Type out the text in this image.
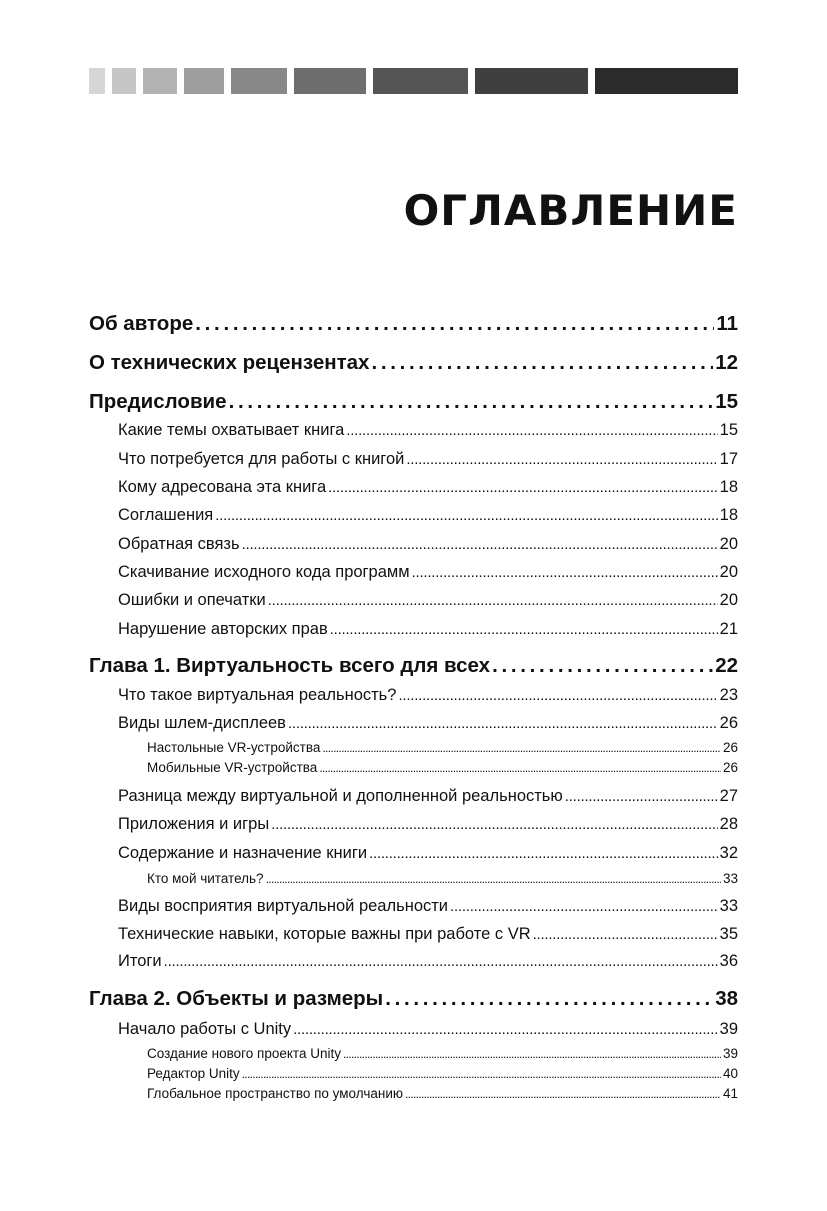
ОГЛАВЛЕНИЕ
Об авторе . . .	11
О технических рецензентах . . .	12
Предисловие . . .	15
Какие темы охватывает книга . . .	15
Что потребуется для работы с книгой . . .	17
Кому адресована эта книга . . .	18
Соглашения . . .	18
Обратная связь . . .	20
Скачивание исходного кода программ . . .	20
Ошибки и опечатки . . .	20
Нарушение авторских прав . . .	21
Глава 1. Виртуальность всего для всех . . .	22
Что такое виртуальная реальность? . . .	23
Виды шлем-дисплеев . . .	26
Настольные VR-устройства . . .	26
Мобильные VR-устройства . . .	26
Разница между виртуальной и дополненной реальностью . . .	27
Приложения и игры . . .	28
Содержание и назначение книги . . .	32
Кто мой читатель? . . .	33
Виды восприятия виртуальной реальности . . .	33
Технические навыки, которые важны при работе с VR . . .	35
Итоги . . .	36
Глава 2. Объекты и размеры . . .	38
Начало работы с Unity . . .	39
Создание нового проекта Unity . . .	39
Редактор Unity . . .	40
Глобальное пространство по умолчанию . . .	41
